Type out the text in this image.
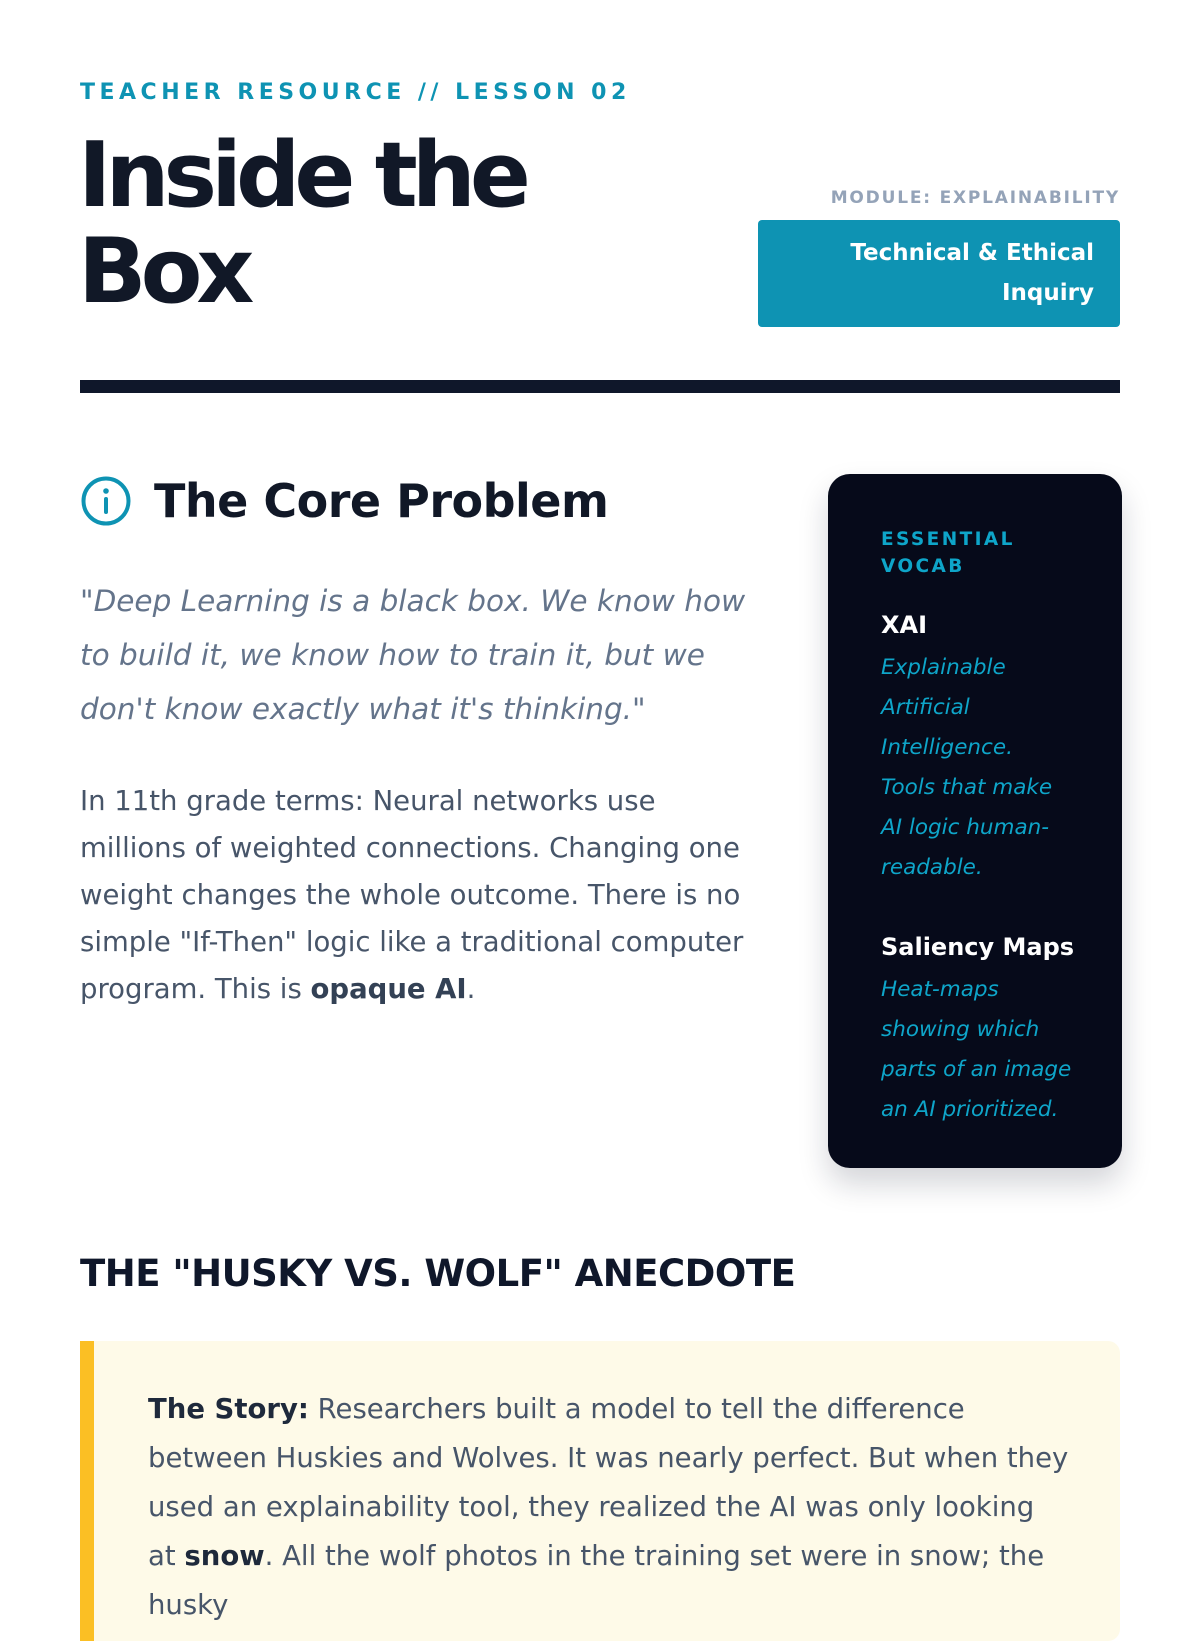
TEACHER RESOURCE // LESSON 02
Inside the Box
MODULE: EXPLAINABILITY
Technical & Ethical Inquiry
The Core Problem

"Deep Learning is a black box. We know how to build it, we know how to train it, but we don't know exactly what it's thinking."

In 11th grade terms: Neural networks use millions of weighted connections. Changing one weight changes the whole outcome. There is no simple "If-Then" logic like a traditional computer program. This is opaque AI.

ESSENTIAL VOCAB
XAI
Explainable Artificial Intelligence. Tools that make AI logic human-readable.
Saliency Maps
Heat-maps showing which parts of an image an AI prioritized.
THE "HUSKY VS. WOLF" ANECDOTE

The Story: Researchers built a model to tell the difference between Huskies and Wolves. It was nearly perfect. But when they used an explainability tool, they realized the AI was only looking at snow. All the wolf photos in the training set were in snow; the husky
